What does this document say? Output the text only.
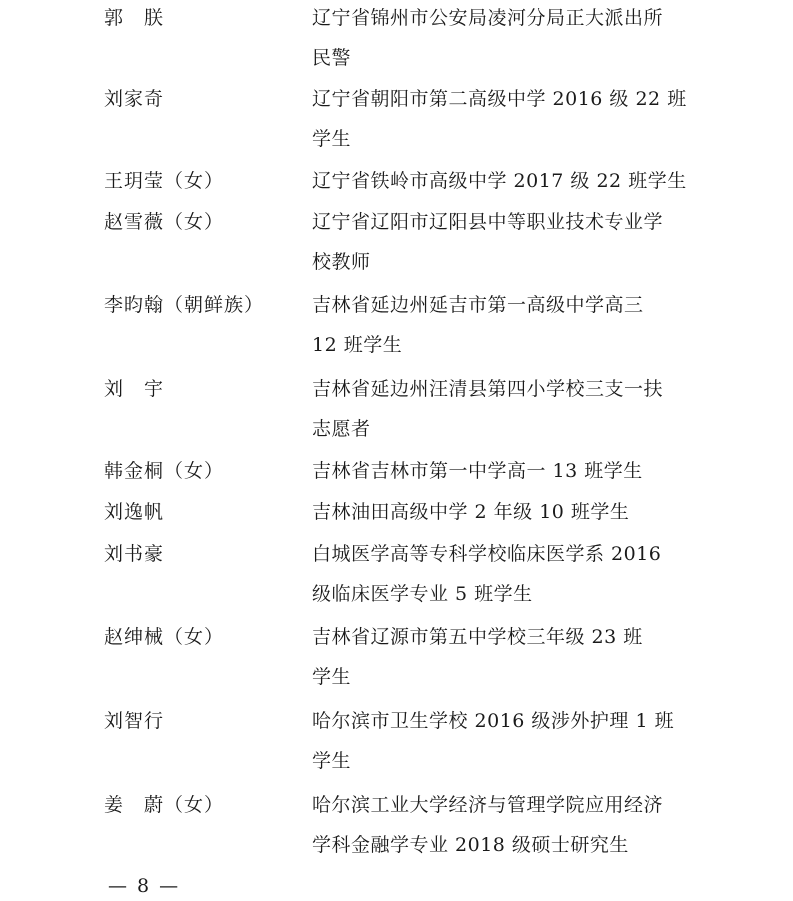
郭　朕	辽宁省锦州市公安局凌河分局正大派出所
民警
刘家奇	辽宁省朝阳市第二高级中学 2016 级 22 班
学生
王玥莹（女）	辽宁省铁岭市高级中学 2017 级 22 班学生
赵雪薇（女）	辽宁省辽阳市辽阳县中等职业技术专业学
校教师
李昀翰（朝鲜族）	吉林省延边州延吉市第一高级中学高三
12 班学生
刘　宇	吉林省延边州汪清县第四小学校三支一扶
志愿者
韩金桐（女）	吉林省吉林市第一中学高一 13 班学生
刘逸帆	吉林油田高级中学 2 年级 10 班学生
刘书豪	白城医学高等专科学校临床医学系 2016
级临床医学专业 5 班学生
赵绅械（女）	吉林省辽源市第五中学校三年级 23 班
学生
刘智行	哈尔滨市卫生学校 2016 级涉外护理 1 班
学生
姜　蔚（女）	哈尔滨工业大学经济与管理学院应用经济
学科金融学专业 2018 级硕士研究生
— 8 —
